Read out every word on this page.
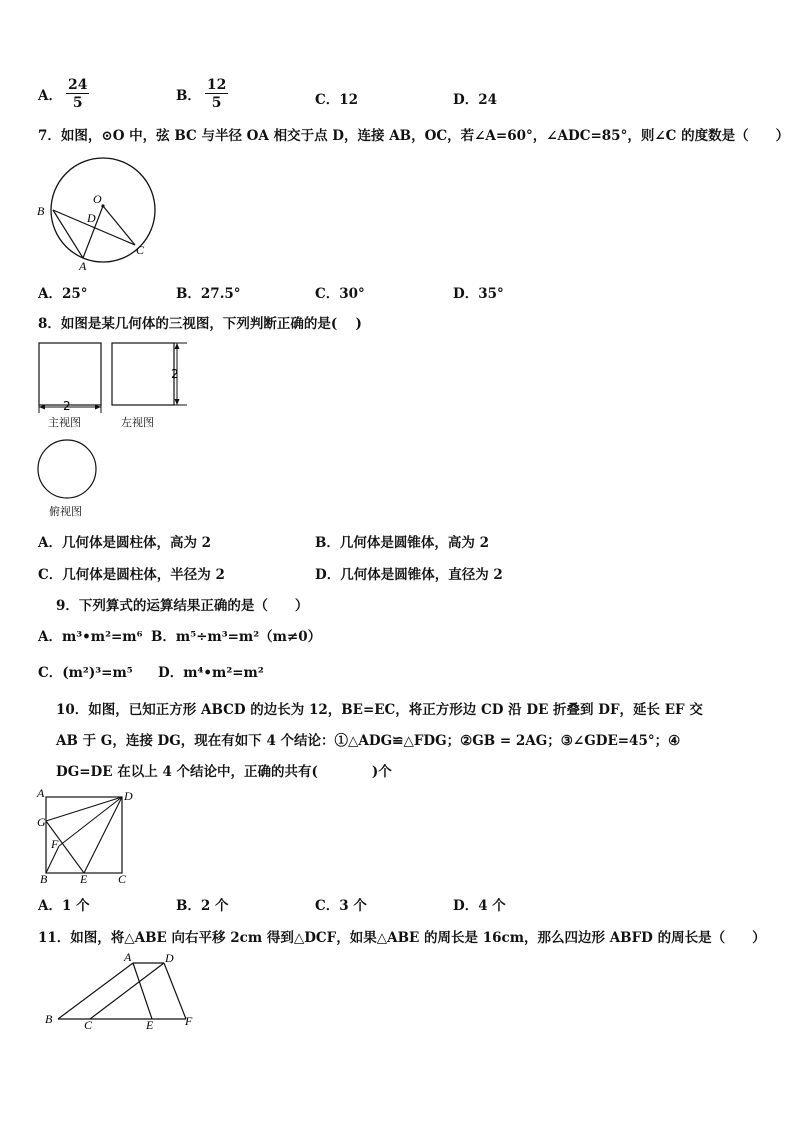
A． $\frac{24}{5}$	B． $\frac{12}{5}$	C．12	D．24
7．如图，⊙O 中，弦 BC 与半径 OA 相交于点 D，连接 AB，OC，若∠A=60°，∠ADC=85°，则∠C 的度数是（　　）
O
B	D
C
A
A．25°	B．27.5°	C．30°	D．35°
8．如图是某几何体的三视图，下列判断正确的是(　 )
2
主视图
2
左视图
俯视图
A．几何体是圆柱体，高为 2	B．几何体是圆锥体，高为 2
C．几何体是圆柱体，半径为 2	D．几何体是圆锥体，直径为 2
9．下列算式的运算结果正确的是（　　）
A．m³•m²=m⁶ B．m⁵÷m³=m²（m≠0）
C．(m²)³=m⁵ D．m⁴•m²=m²
10．如图，已知正方形 ABCD 的边长为 12，BE=EC，将正方形边 CD 沿 DE 折叠到 DF，延长 EF 交
AB 于 G，连接 DG，现在有如下 4 个结论：①△ADG≌△FDG；②GB = 2AG；③∠GDE=45°；④
DG=DE 在以上 4 个结论中，正确的共有(　　　　)个
A	D
G
F
B	E	C
A．1 个	B．2 个	C．3 个	D．4 个
11．如图，将△ABE 向右平移 2cm 得到△DCF，如果△ABE 的周长是 16cm，那么四边形 ABFD 的周长是（　　）
A	D
B	C	E	F
